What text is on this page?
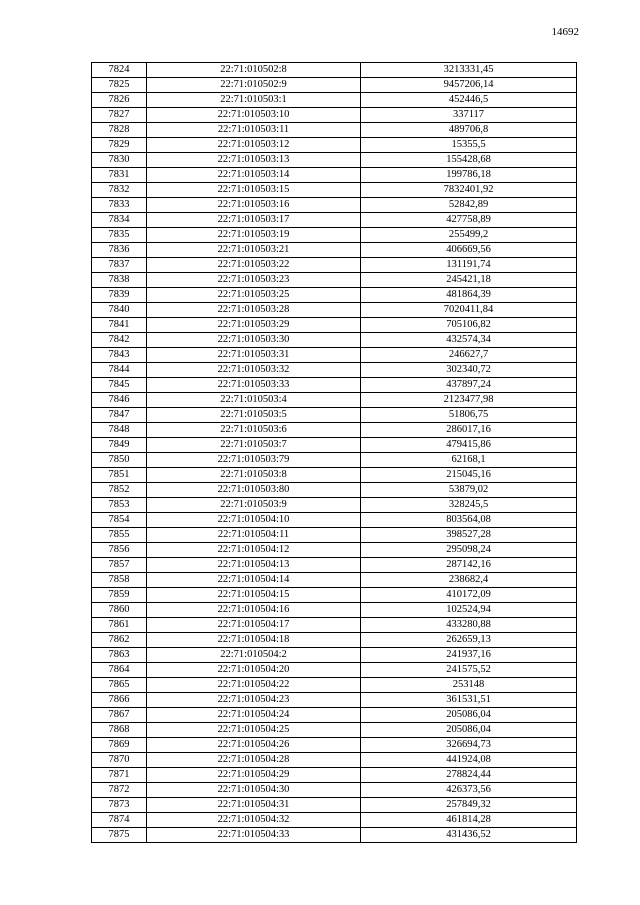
14692
7824	22:71:010502:8	3213331,45
7825	22:71:010502:9	9457206,14
7826	22:71:010503:1	452446,5
7827	22:71:010503:10	337117
7828	22:71:010503:11	489706,8
7829	22:71:010503:12	15355,5
7830	22:71:010503:13	155428,68
7831	22:71:010503:14	199786,18
7832	22:71:010503:15	7832401,92
7833	22:71:010503:16	52842,89
7834	22:71:010503:17	427758,89
7835	22:71:010503:19	255499,2
7836	22:71:010503:21	406669,56
7837	22:71:010503:22	131191,74
7838	22:71:010503:23	245421,18
7839	22:71:010503:25	481864,39
7840	22:71:010503:28	7020411,84
7841	22:71:010503:29	705106,82
7842	22:71:010503:30	432574,34
7843	22:71:010503:31	246627,7
7844	22:71:010503:32	302340,72
7845	22:71:010503:33	437897,24
7846	22:71:010503:4	2123477,98
7847	22:71:010503:5	51806,75
7848	22:71:010503:6	286017,16
7849	22:71:010503:7	479415,86
7850	22:71:010503:79	62168,1
7851	22:71:010503:8	215045,16
7852	22:71:010503:80	53879,02
7853	22:71:010503:9	328245,5
7854	22:71:010504:10	803564,08
7855	22:71:010504:11	398527,28
7856	22:71:010504:12	295098,24
7857	22:71:010504:13	287142,16
7858	22:71:010504:14	238682,4
7859	22:71:010504:15	410172,09
7860	22:71:010504:16	102524,94
7861	22:71:010504:17	433280,88
7862	22:71:010504:18	262659,13
7863	22:71:010504:2	241937,16
7864	22:71:010504:20	241575,52
7865	22:71:010504:22	253148
7866	22:71:010504:23	361531,51
7867	22:71:010504:24	205086,04
7868	22:71:010504:25	205086,04
7869	22:71:010504:26	326694,73
7870	22:71:010504:28	441924,08
7871	22:71:010504:29	278824,44
7872	22:71:010504:30	426373,56
7873	22:71:010504:31	257849,32
7874	22:71:010504:32	461814,28
7875	22:71:010504:33	431436,52
